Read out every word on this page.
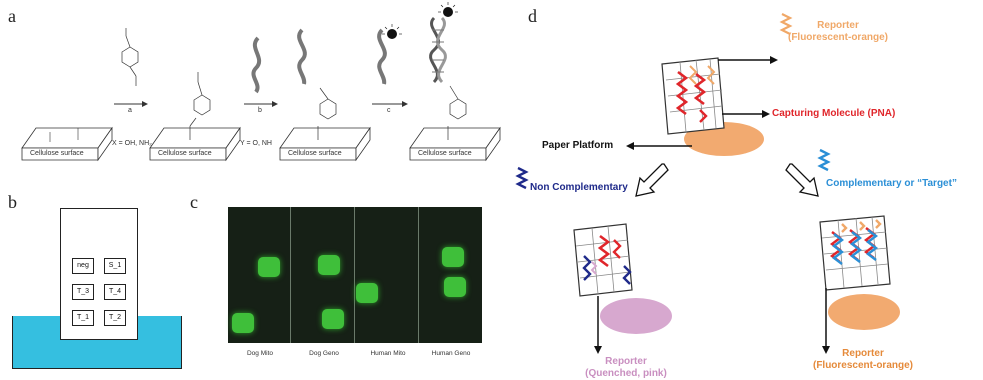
a
Cellulose surface	Cellulose surface	Cellulose surface	Cellulose surface
X = OH, NH₂	Y = O, NH
a	b	c
b
neg	S_1
T_3	T_4
T_1	T_2
c
Dog Mito	Dog Geno	Human Mito	Human Geno
d	Reporter
(Fluorescent-orange)
Capturing Molecule (PNA)
Paper Platform
Non Complementary	Complementary or “Target”
Reporter
(Quenched, pink)
Reporter
(Fluorescent-orange)
